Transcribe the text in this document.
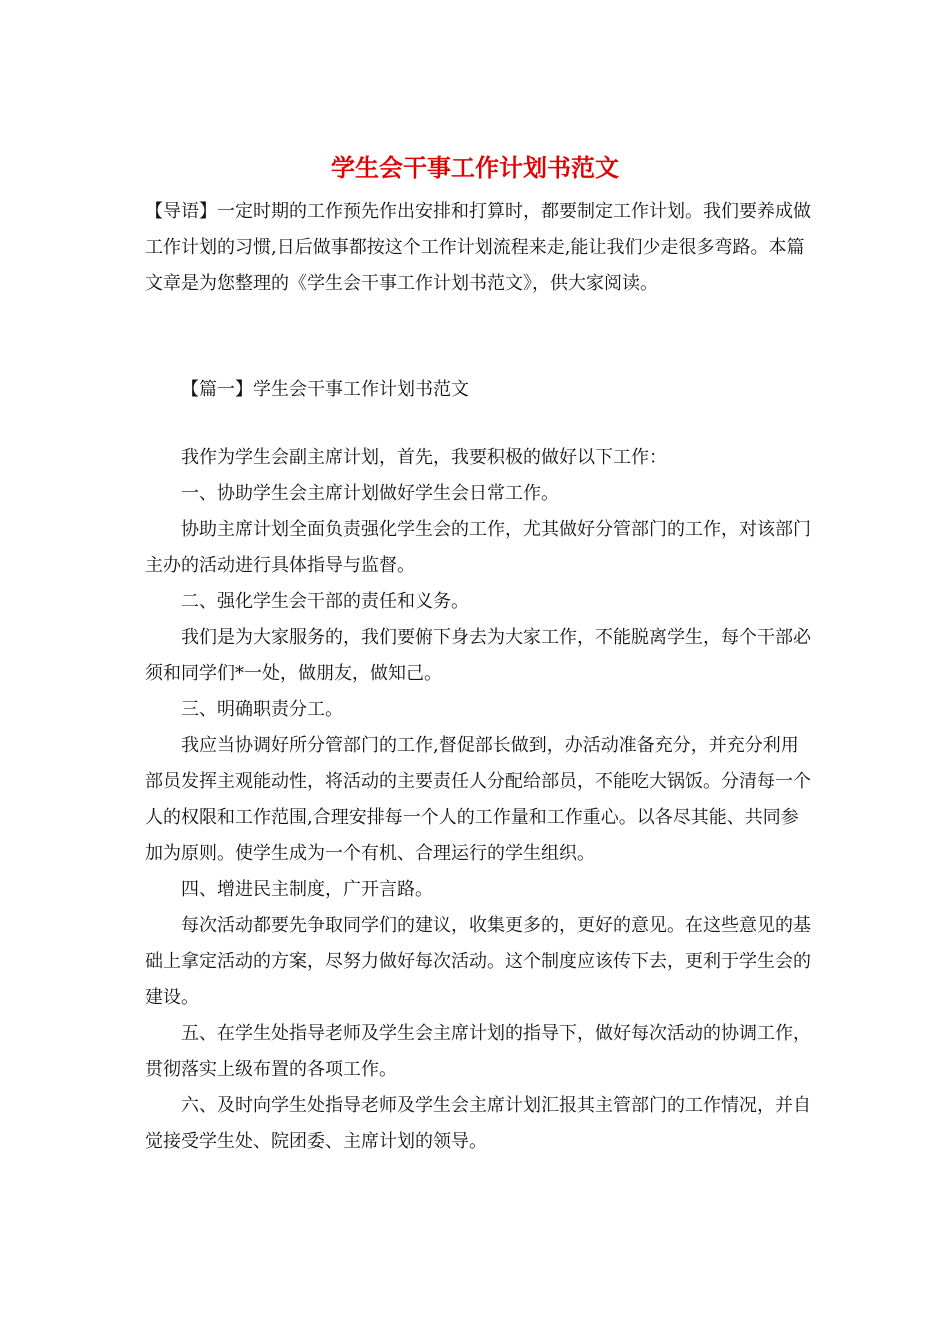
学生会干事工作计划书范文

【导语】一定时期的工作预先作出安排和打算时，都要制定工作计划。我们要养成做工作计划的习惯,日后做事都按这个工作计划流程来走,能让我们少走很多弯路。本篇文章是为您整理的《学生会干事工作计划书范文》，供大家阅读。

【篇一】学生会干事工作计划书范文

我作为学生会副主席计划，首先，我要积极的做好以下工作：

一、协助学生会主席计划做好学生会日常工作。

协助主席计划全面负责强化学生会的工作，尤其做好分管部门的工作，对该部门主办的活动进行具体指导与监督。

二、强化学生会干部的责任和义务。

我们是为大家服务的，我们要俯下身去为大家工作，不能脱离学生，每个干部必须和同学们*一处，做朋友，做知己。

三、明确职责分工。

我应当协调好所分管部门的工作,督促部长做到，办活动准备充分，并充分利用部员发挥主观能动性，将活动的主要责任人分配给部员，不能吃大锅饭。分清每一个人的权限和工作范围,合理安排每一个人的工作量和工作重心。以各尽其能、共同参加为原则。使学生成为一个有机、合理运行的学生组织。

四、增进民主制度，广开言路。

每次活动都要先争取同学们的建议，收集更多的，更好的意见。在这些意见的基础上拿定活动的方案，尽努力做好每次活动。这个制度应该传下去，更利于学生会的建设。

五、在学生处指导老师及学生会主席计划的指导下，做好每次活动的协调工作，贯彻落实上级布置的各项工作。

六、及时向学生处指导老师及学生会主席计划汇报其主管部门的工作情况，并自觉接受学生处、院团委、主席计划的领导。
